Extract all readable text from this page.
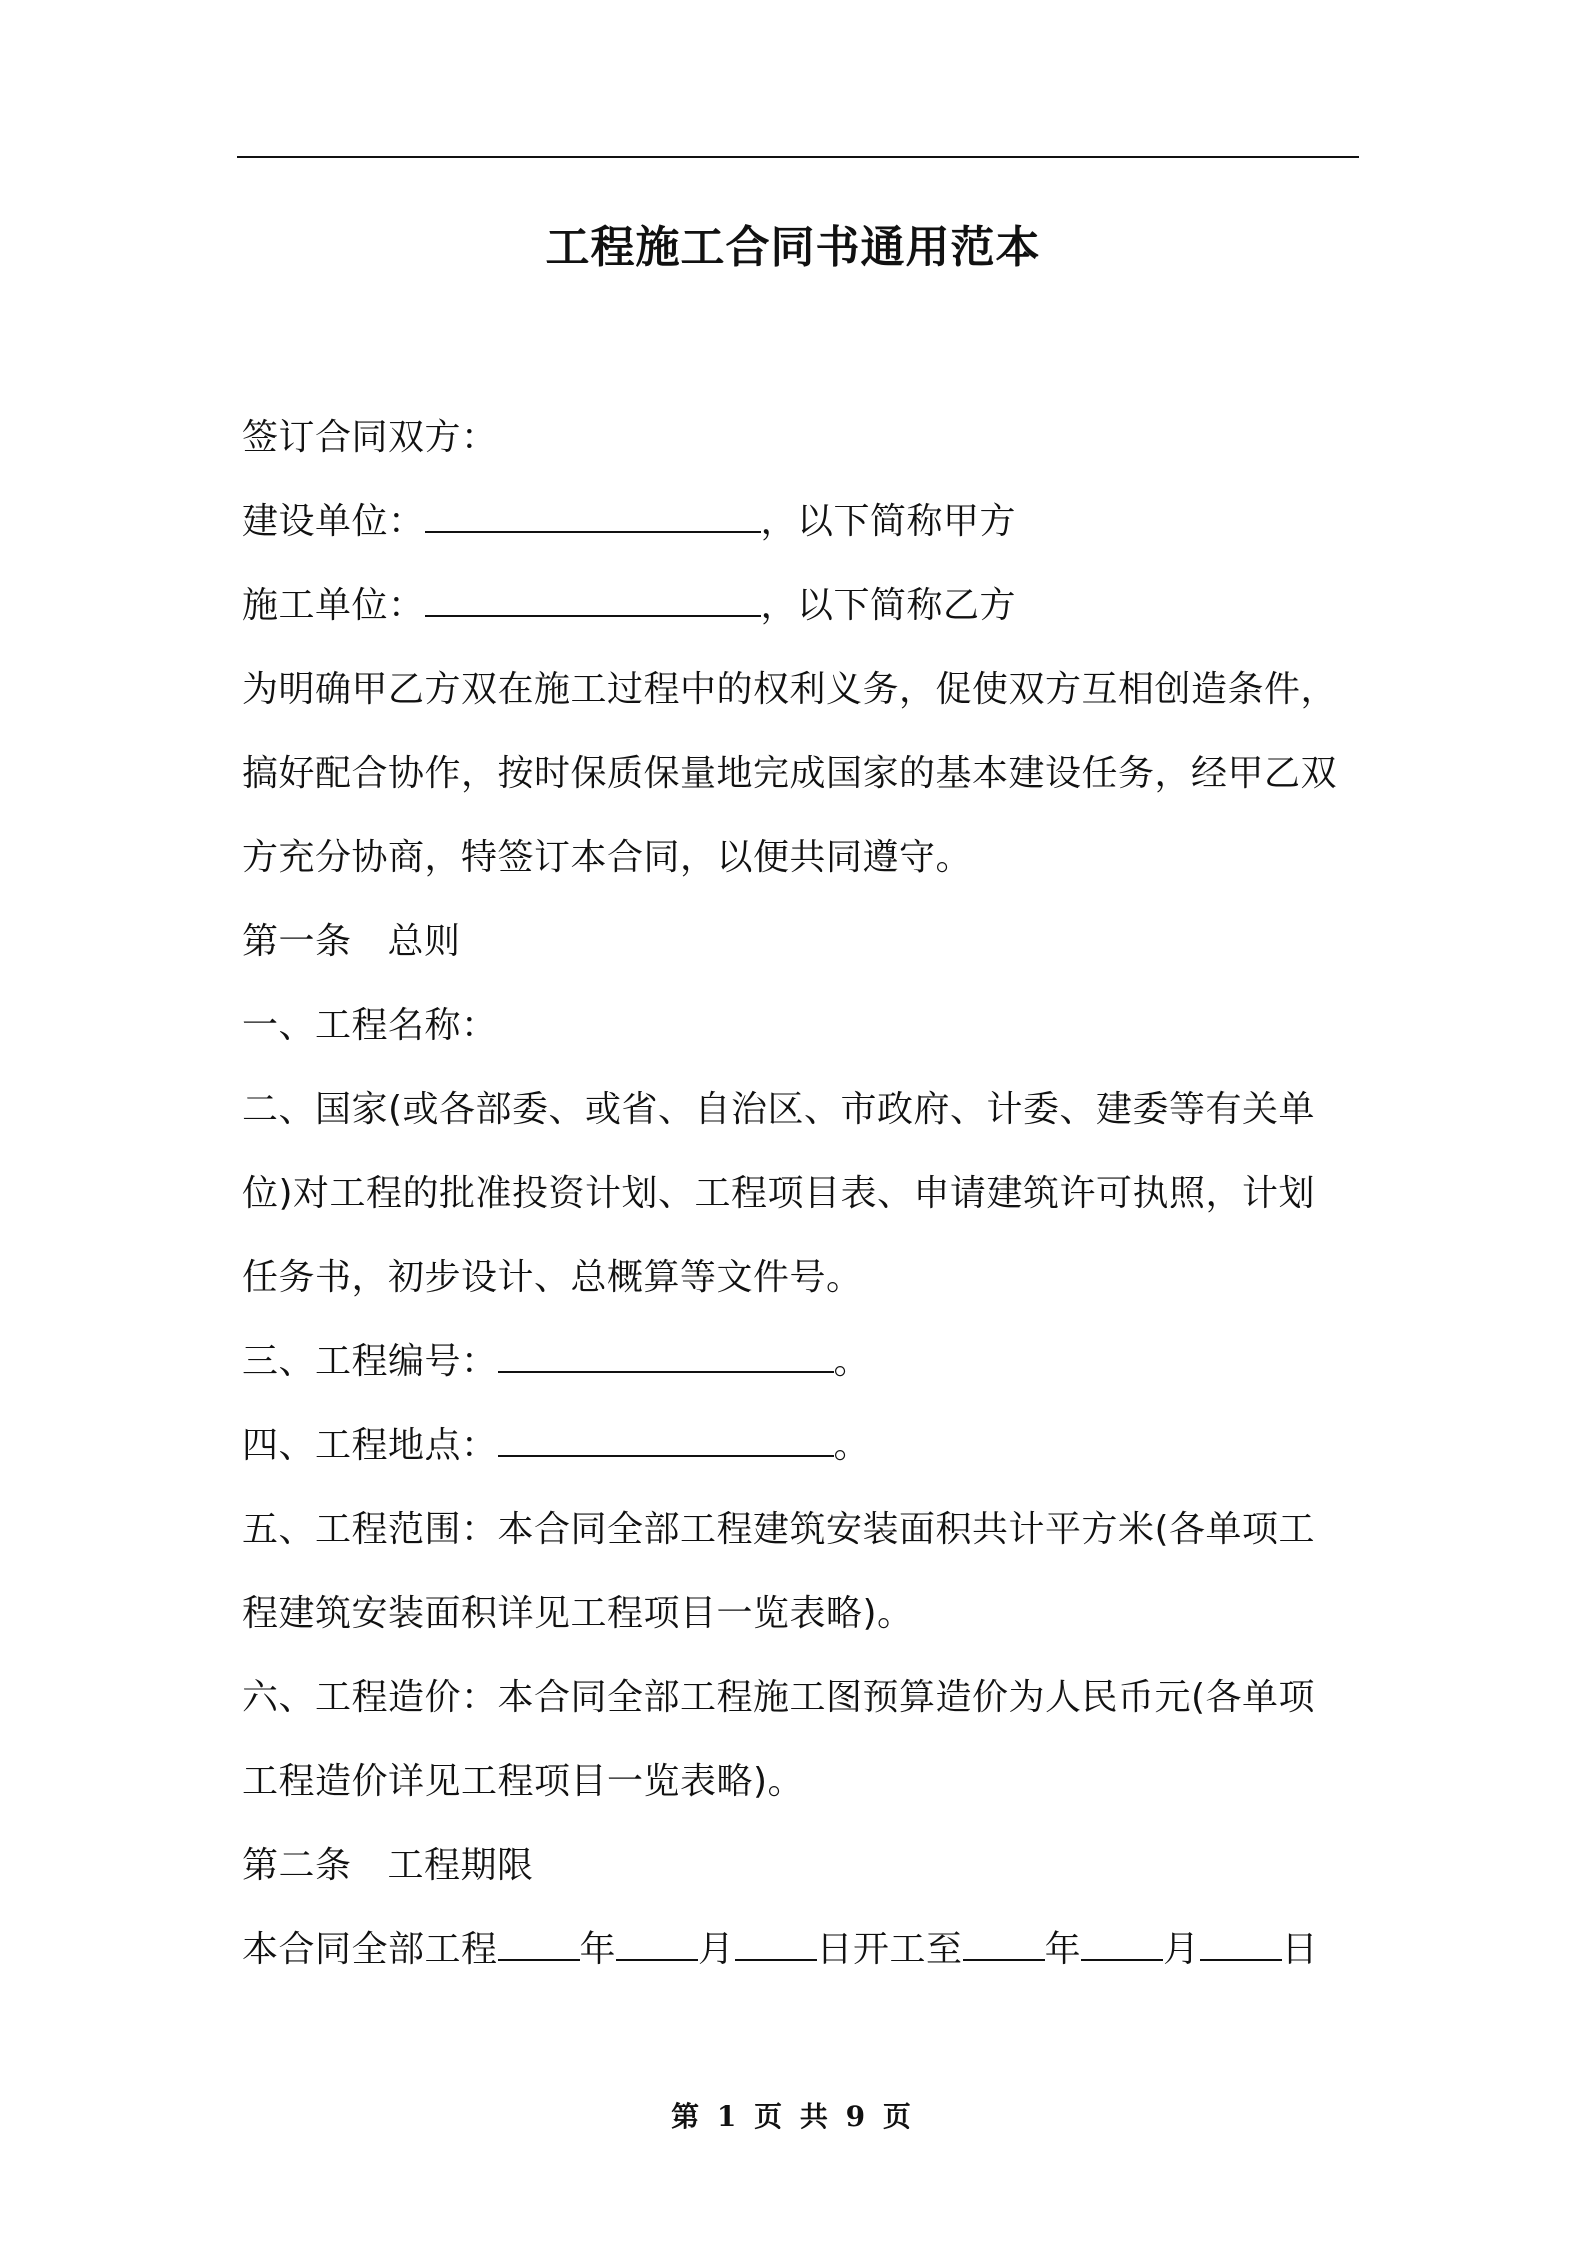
工程施工合同书通用范本
签订合同双方：
建设单位：	，以下简称甲方
施工单位：	，以下简称乙方
为明确甲乙方双在施工过程中的权利义务，促使双方互相创造条件，
搞好配合协作，按时保质保量地完成国家的基本建设任务，经甲乙双
方充分协商，特签订本合同，以便共同遵守。
第一条 总则
一、工程名称：
二、国家(或各部委、或省、自治区、市政府、计委、建委等有关单
位)对工程的批准投资计划、工程项目表、申请建筑许可执照，计划
任务书，初步设计、总概算等文件号。
三、工程编号：	。
四、工程地点：	。
五、工程范围：本合同全部工程建筑安装面积共计平方米(各单项工
程建筑安装面积详见工程项目一览表略)。
六、工程造价：本合同全部工程施工图预算造价为人民币元(各单项
工程造价详见工程项目一览表略)。
第二条 工程期限
本合同全部工程 年 月 日开工至 年 月 日
第 1 页 共 9 页
